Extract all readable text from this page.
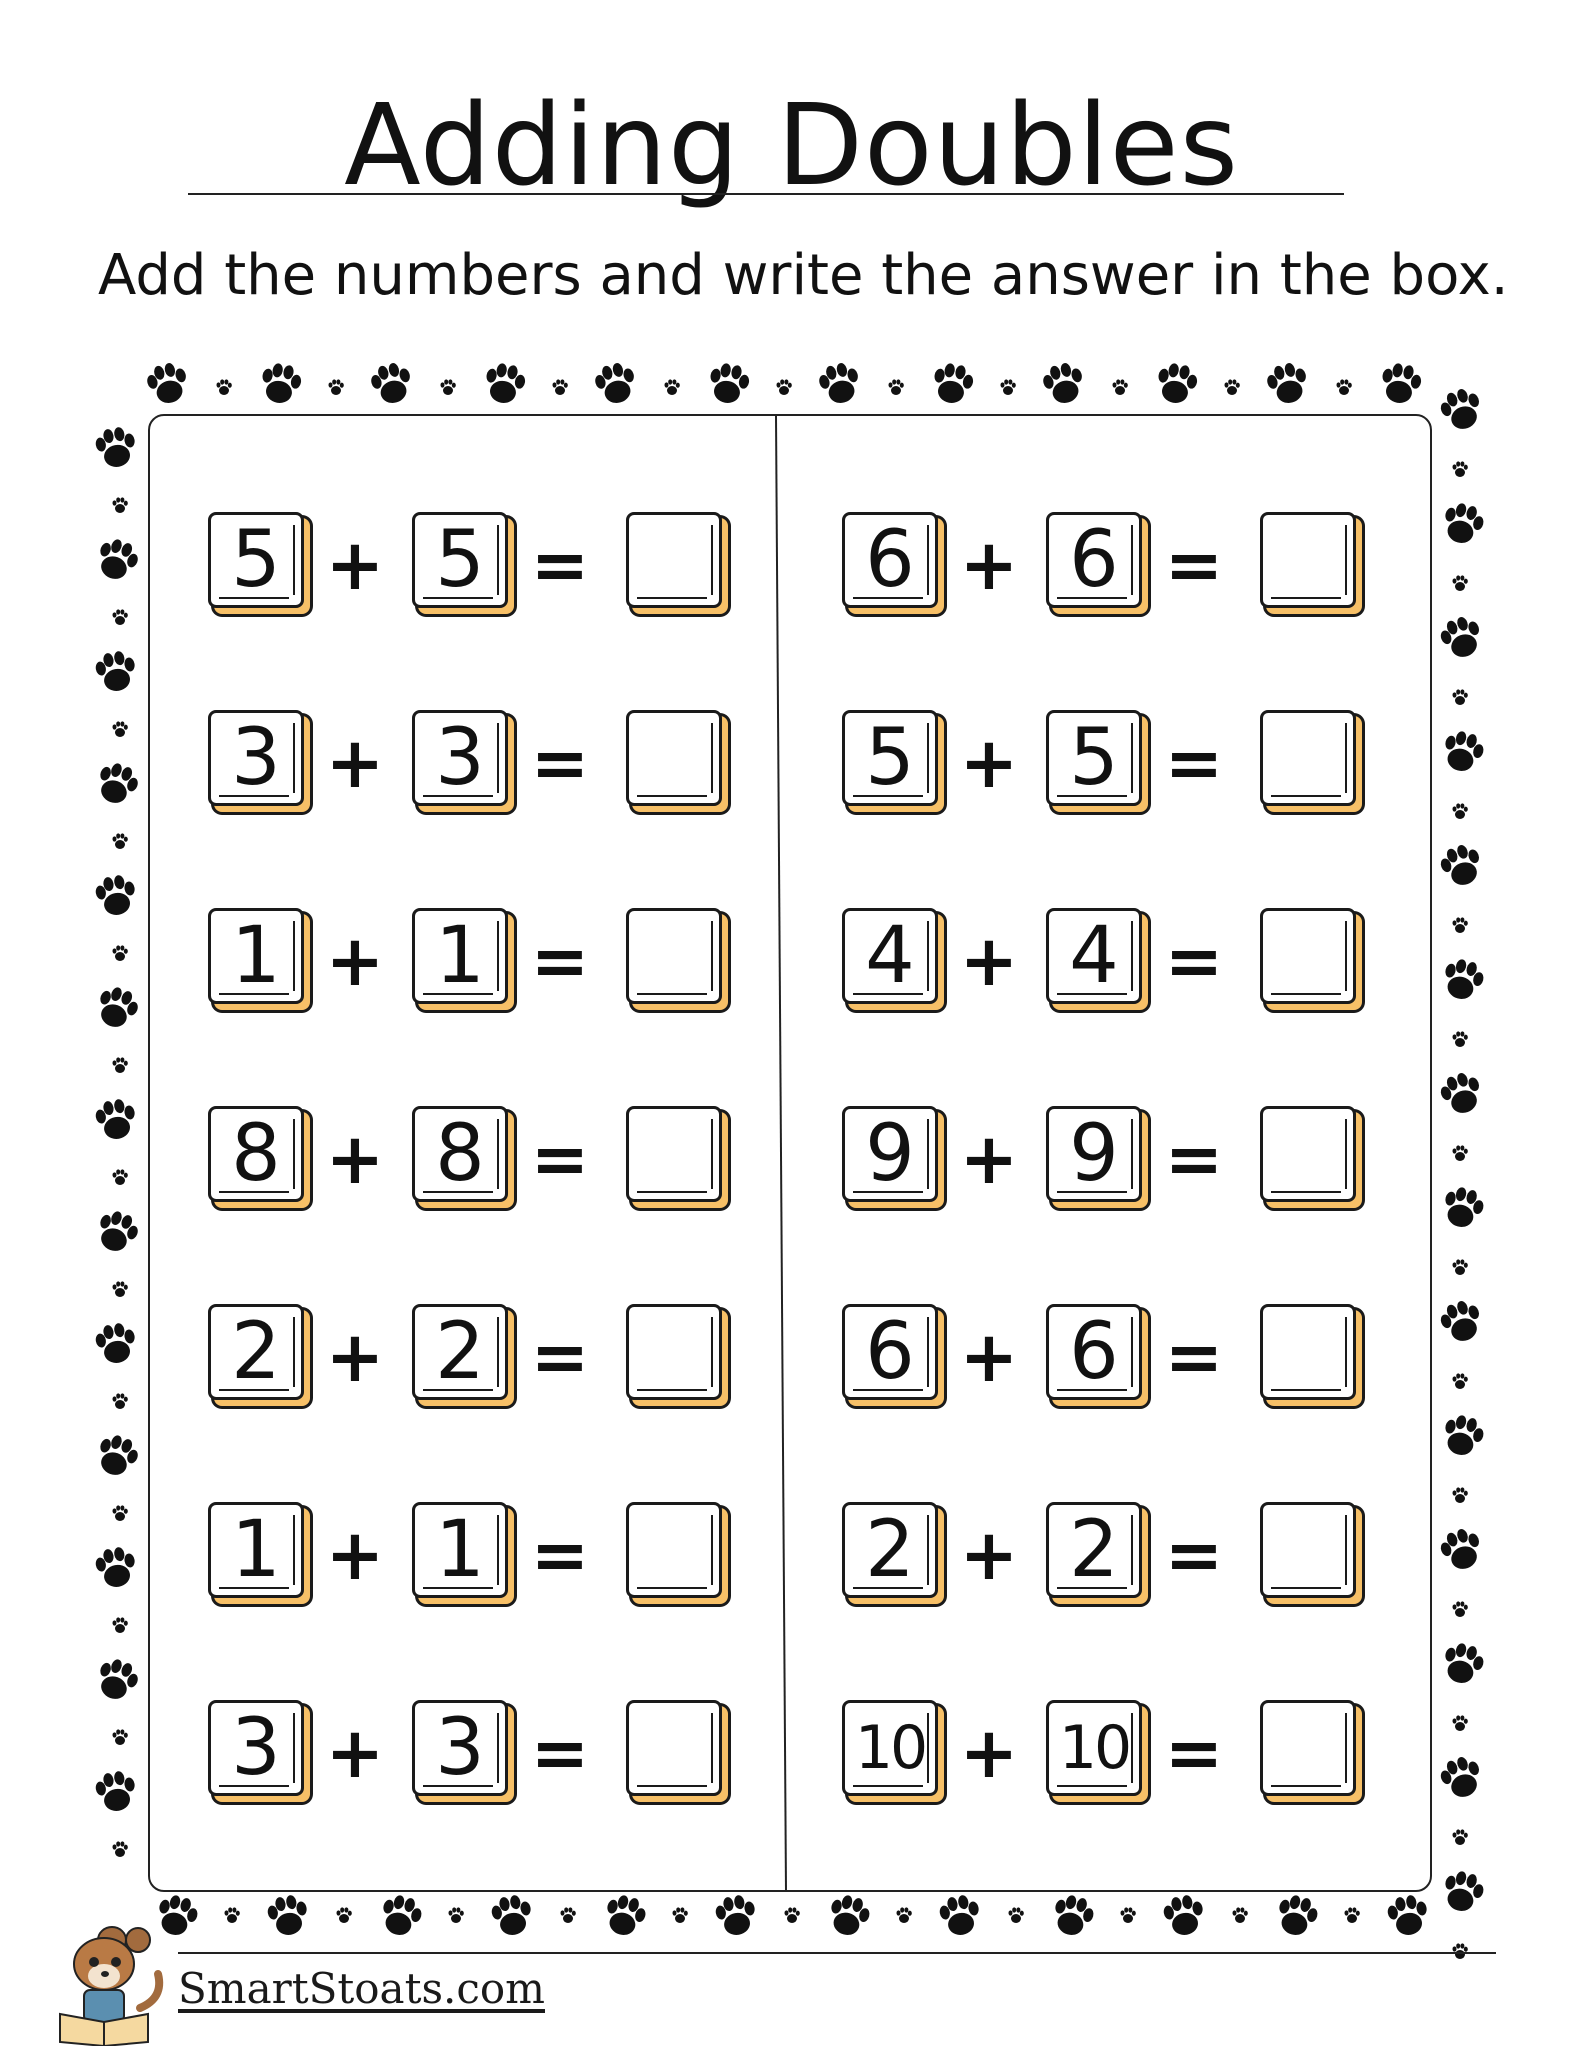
Adding Doubles
Add the numbers and write the answer in the box.
5 + 5 =
3 + 3 =
1 + 1 =
8 + 8 =
2 + 2 =
1 + 1 =
3 + 3 =
6 + 6 =
5 + 5 =
4 + 4 =
9 + 9 =
6 + 6 =
2 + 2 =
10 + 10 =
SmartStoats.com
